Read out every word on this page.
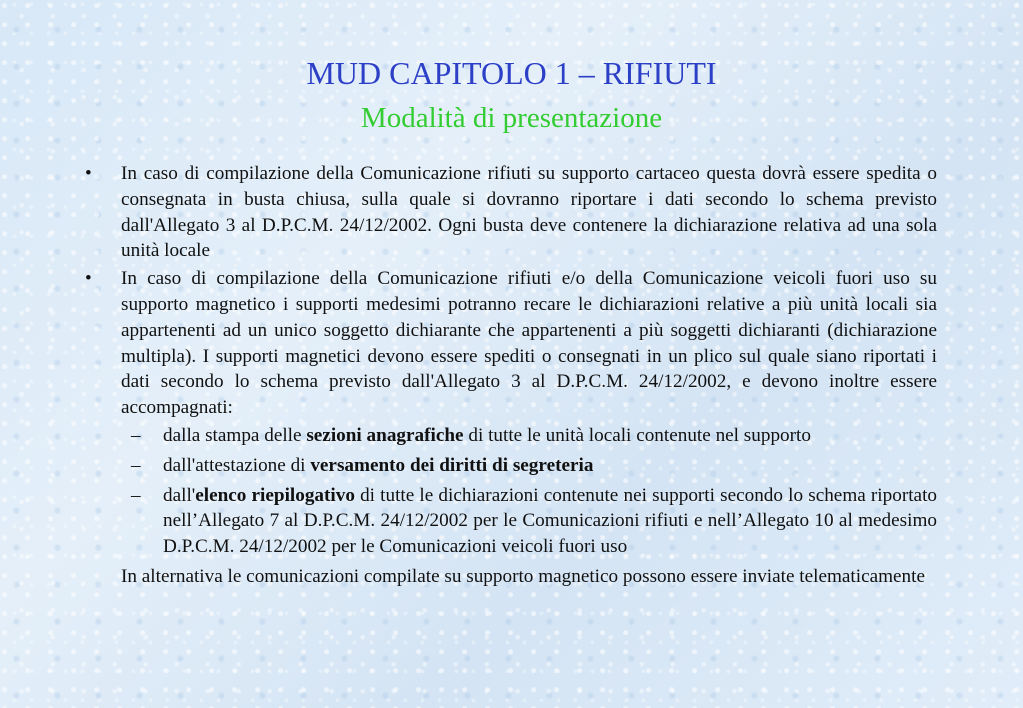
MUD CAPITOLO 1 – RIFIUTI
Modalità di presentazione
• In caso di compilazione della Comunicazione rifiuti su supporto cartaceo questa dovrà essere spedita o consegnata in busta chiusa, sulla quale si dovranno riportare i dati secondo lo schema previsto dall'Allegato 3 al D.P.C.M. 24/12/2002. Ogni busta deve contenere la dichiarazione relativa ad una sola unità locale
• In caso di compilazione della Comunicazione rifiuti e/o della Comunicazione veicoli fuori uso su supporto magnetico i supporti medesimi potranno recare le dichiarazioni relative a più unità locali sia appartenenti ad un unico soggetto dichiarante che appartenenti a più soggetti dichiaranti (dichiarazione multipla). I supporti magnetici devono essere spediti o consegnati in un plico sul quale siano riportati i dati secondo lo schema previsto dall'Allegato 3 al D.P.C.M. 24/12/2002, e devono inoltre essere accompagnati:
– dalla stampa delle sezioni anagrafiche di tutte le unità locali contenute nel supporto
– dall'attestazione di versamento dei diritti di segreteria
– dall'elenco riepilogativo di tutte le dichiarazioni contenute nei supporti secondo lo schema riportato nell’Allegato 7 al D.P.C.M. 24/12/2002 per le Comunicazioni rifiuti e nell’Allegato 10 al medesimo D.P.C.M. 24/12/2002 per le Comunicazioni veicoli fuori uso
In alternativa le comunicazioni compilate su supporto magnetico possono essere inviate telematicamente
